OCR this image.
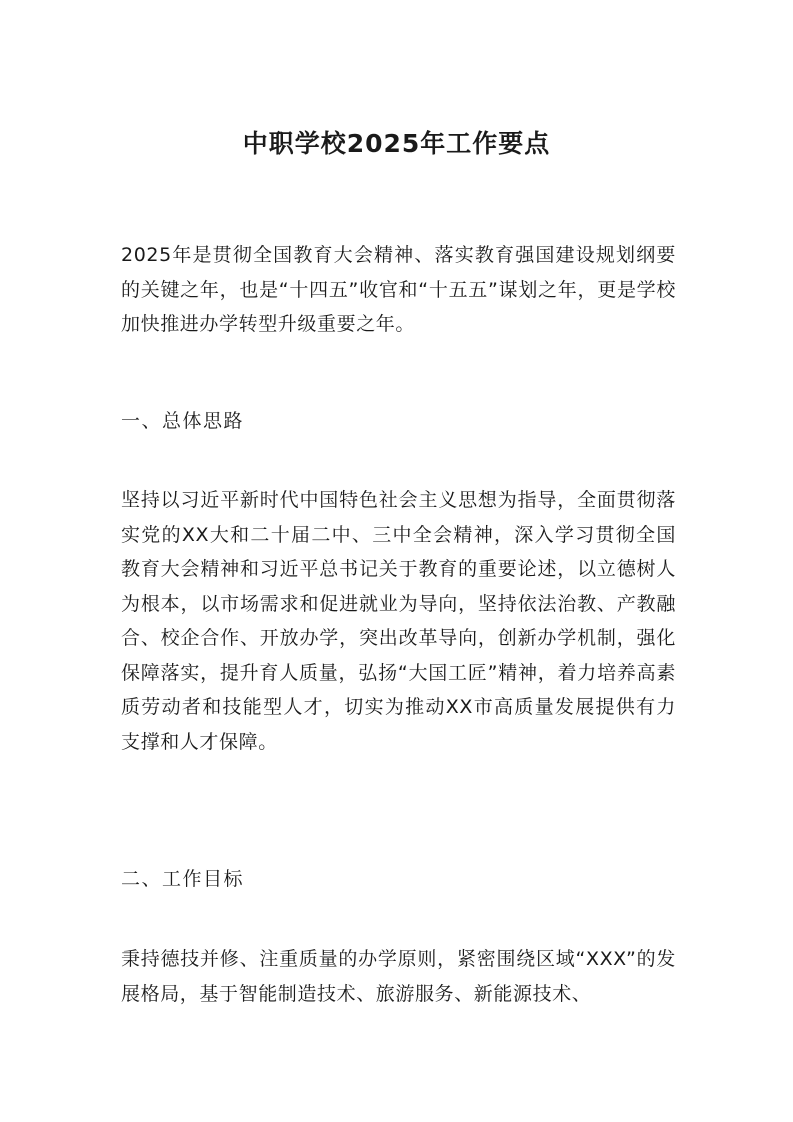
中职学校2025年工作要点

2025年是贯彻全国教育大会精神、落实教育强国建设规划纲要的关键之年，也是“十四五”收官和“十五五”谋划之年，更是学校加快推进办学转型升级重要之年。

一、总体思路

坚持以习近平新时代中国特色社会主义思想为指导，全面贯彻落实党的XX大和二十届二中、三中全会精神，深入学习贯彻全国教育大会精神和习近平总书记关于教育的重要论述，以立德树人为根本，以市场需求和促进就业为导向，坚持依法治教、产教融合、校企合作、开放办学，突出改革导向，创新办学机制，强化保障落实，提升育人质量，弘扬“大国工匠”精神，着力培养高素质劳动者和技能型人才，切实为推动XX市高质量发展提供有力支撑和人才保障。

二、工作目标

秉持德技并修、注重质量的办学原则，紧密围绕区域“XXX”的发展格局，基于智能制造技术、旅游服务、新能源技术、
